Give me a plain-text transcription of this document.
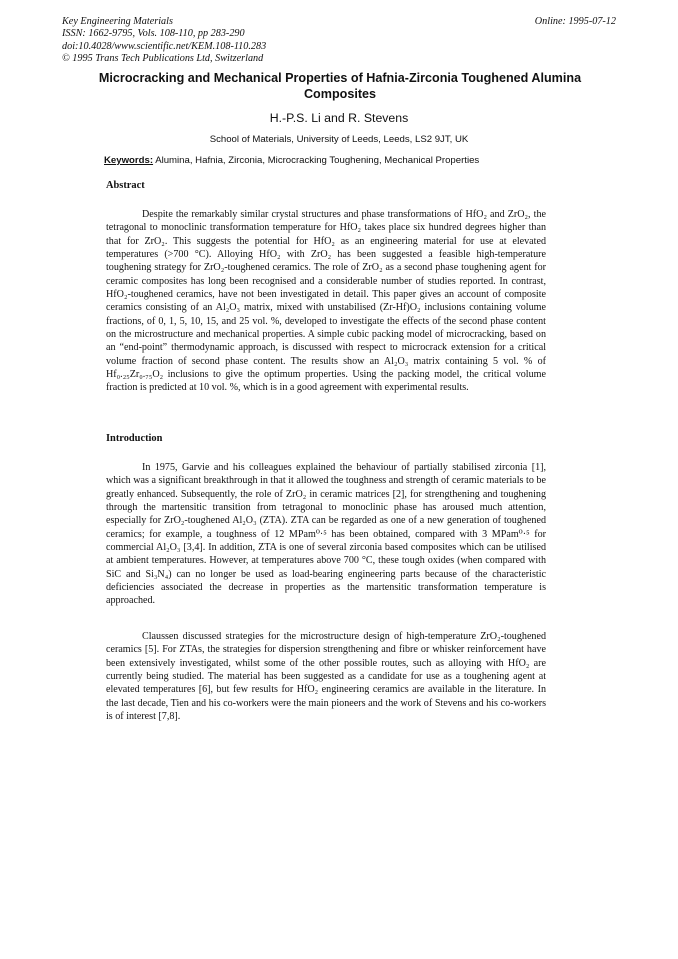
Key Engineering Materials
ISSN: 1662-9795, Vols. 108-110, pp 283-290
doi:10.4028/www.scientific.net/KEM.108-110.283
© 1995 Trans Tech Publications Ltd, Switzerland
Online: 1995-07-12
Microcracking and Mechanical Properties of Hafnia-Zirconia Toughened Alumina Composites
H.-P.S. Li and R. Stevens
School of Materials, University of Leeds, Leeds, LS2 9JT, UK
Keywords: Alumina, Hafnia, Zirconia, Microcracking Toughening, Mechanical Properties
Abstract

Despite the remarkably similar crystal structures and phase transformations of HfO₂ and ZrO₂, the tetragonal to monoclinic transformation temperature for HfO₂ takes place six hundred degrees higher than that for ZrO₂. This suggests the potential for HfO₂ as an engineering material for use at elevated temperatures (>700 °C). Alloying HfO₂ with ZrO₂ has been suggested a feasible high-temperature toughening strategy for ZrO₂-toughened ceramics. The role of ZrO₂ as a second phase toughening agent for ceramic composites has long been recognised and a considerable number of studies reported. In contrast, HfO₂-toughened ceramics, have not been investigated in detail. This paper gives an account of composite ceramics consisting of an Al₂O₃ matrix, mixed with unstabilised (Zr-Hf)O₂ inclusions containing volume fractions, of 0, 1, 5, 10, 15, and 25 vol. %, developed to investigate the effects of the second phase content on the microstructure and mechanical properties. A simple cubic packing model of microcracking, based on an “end-point” thermodynamic approach, is discussed with respect to microcrack extension for a critical volume fraction of second phase content. The results show an Al₂O₃ matrix containing 5 vol. % of Hf₀.₂₅Zr₀.₇₅O₂ inclusions to give the optimum properties. Using the packing model, the critical volume fraction is predicted at 10 vol. %, which is in a good agreement with experimental results.

Introduction

In 1975, Garvie and his colleagues explained the behaviour of partially stabilised zirconia [1], which was a significant breakthrough in that it allowed the toughness and strength of ceramic materials to be greatly enhanced. Subsequently, the role of ZrO₂ in ceramic matrices [2], for strengthening and toughening through the martensitic transition from tetragonal to monoclinic phase has aroused much attention, especially for ZrO₂-toughened Al₂O₃ (ZTA). ZTA can be regarded as one of a new generation of toughened ceramics; for example, a toughness of 12 MPam⁰·⁵ has been obtained, compared with 3 MPam⁰·⁵ for commercial Al₂O₃ [3,4]. In addition, ZTA is one of several zirconia based composites which can be utilised at ambient temperatures. However, at temperatures above 700 °C, these tough oxides (when compared with SiC and Si₃N₄) can no longer be used as load-bearing engineering parts because of the characteristic deficiencies associated the decrease in properties as the martensitic transformation temperature is approached.

Claussen discussed strategies for the microstructure design of high-temperature ZrO₂-toughened ceramics [5]. For ZTAs, the strategies for dispersion strengthening and fibre or whisker reinforcement have been extensively investigated, whilst some of the other possible routes, such as alloying with HfO₂ are currently being studied. The material has been suggested as a candidate for use as a toughening agent at elevated temperatures [6], but few results for HfO₂ engineering ceramics are available in the literature. In the last decade, Tien and his co-workers were the main pioneers and the work of Stevens and his co-workers is of interest [7,8].
